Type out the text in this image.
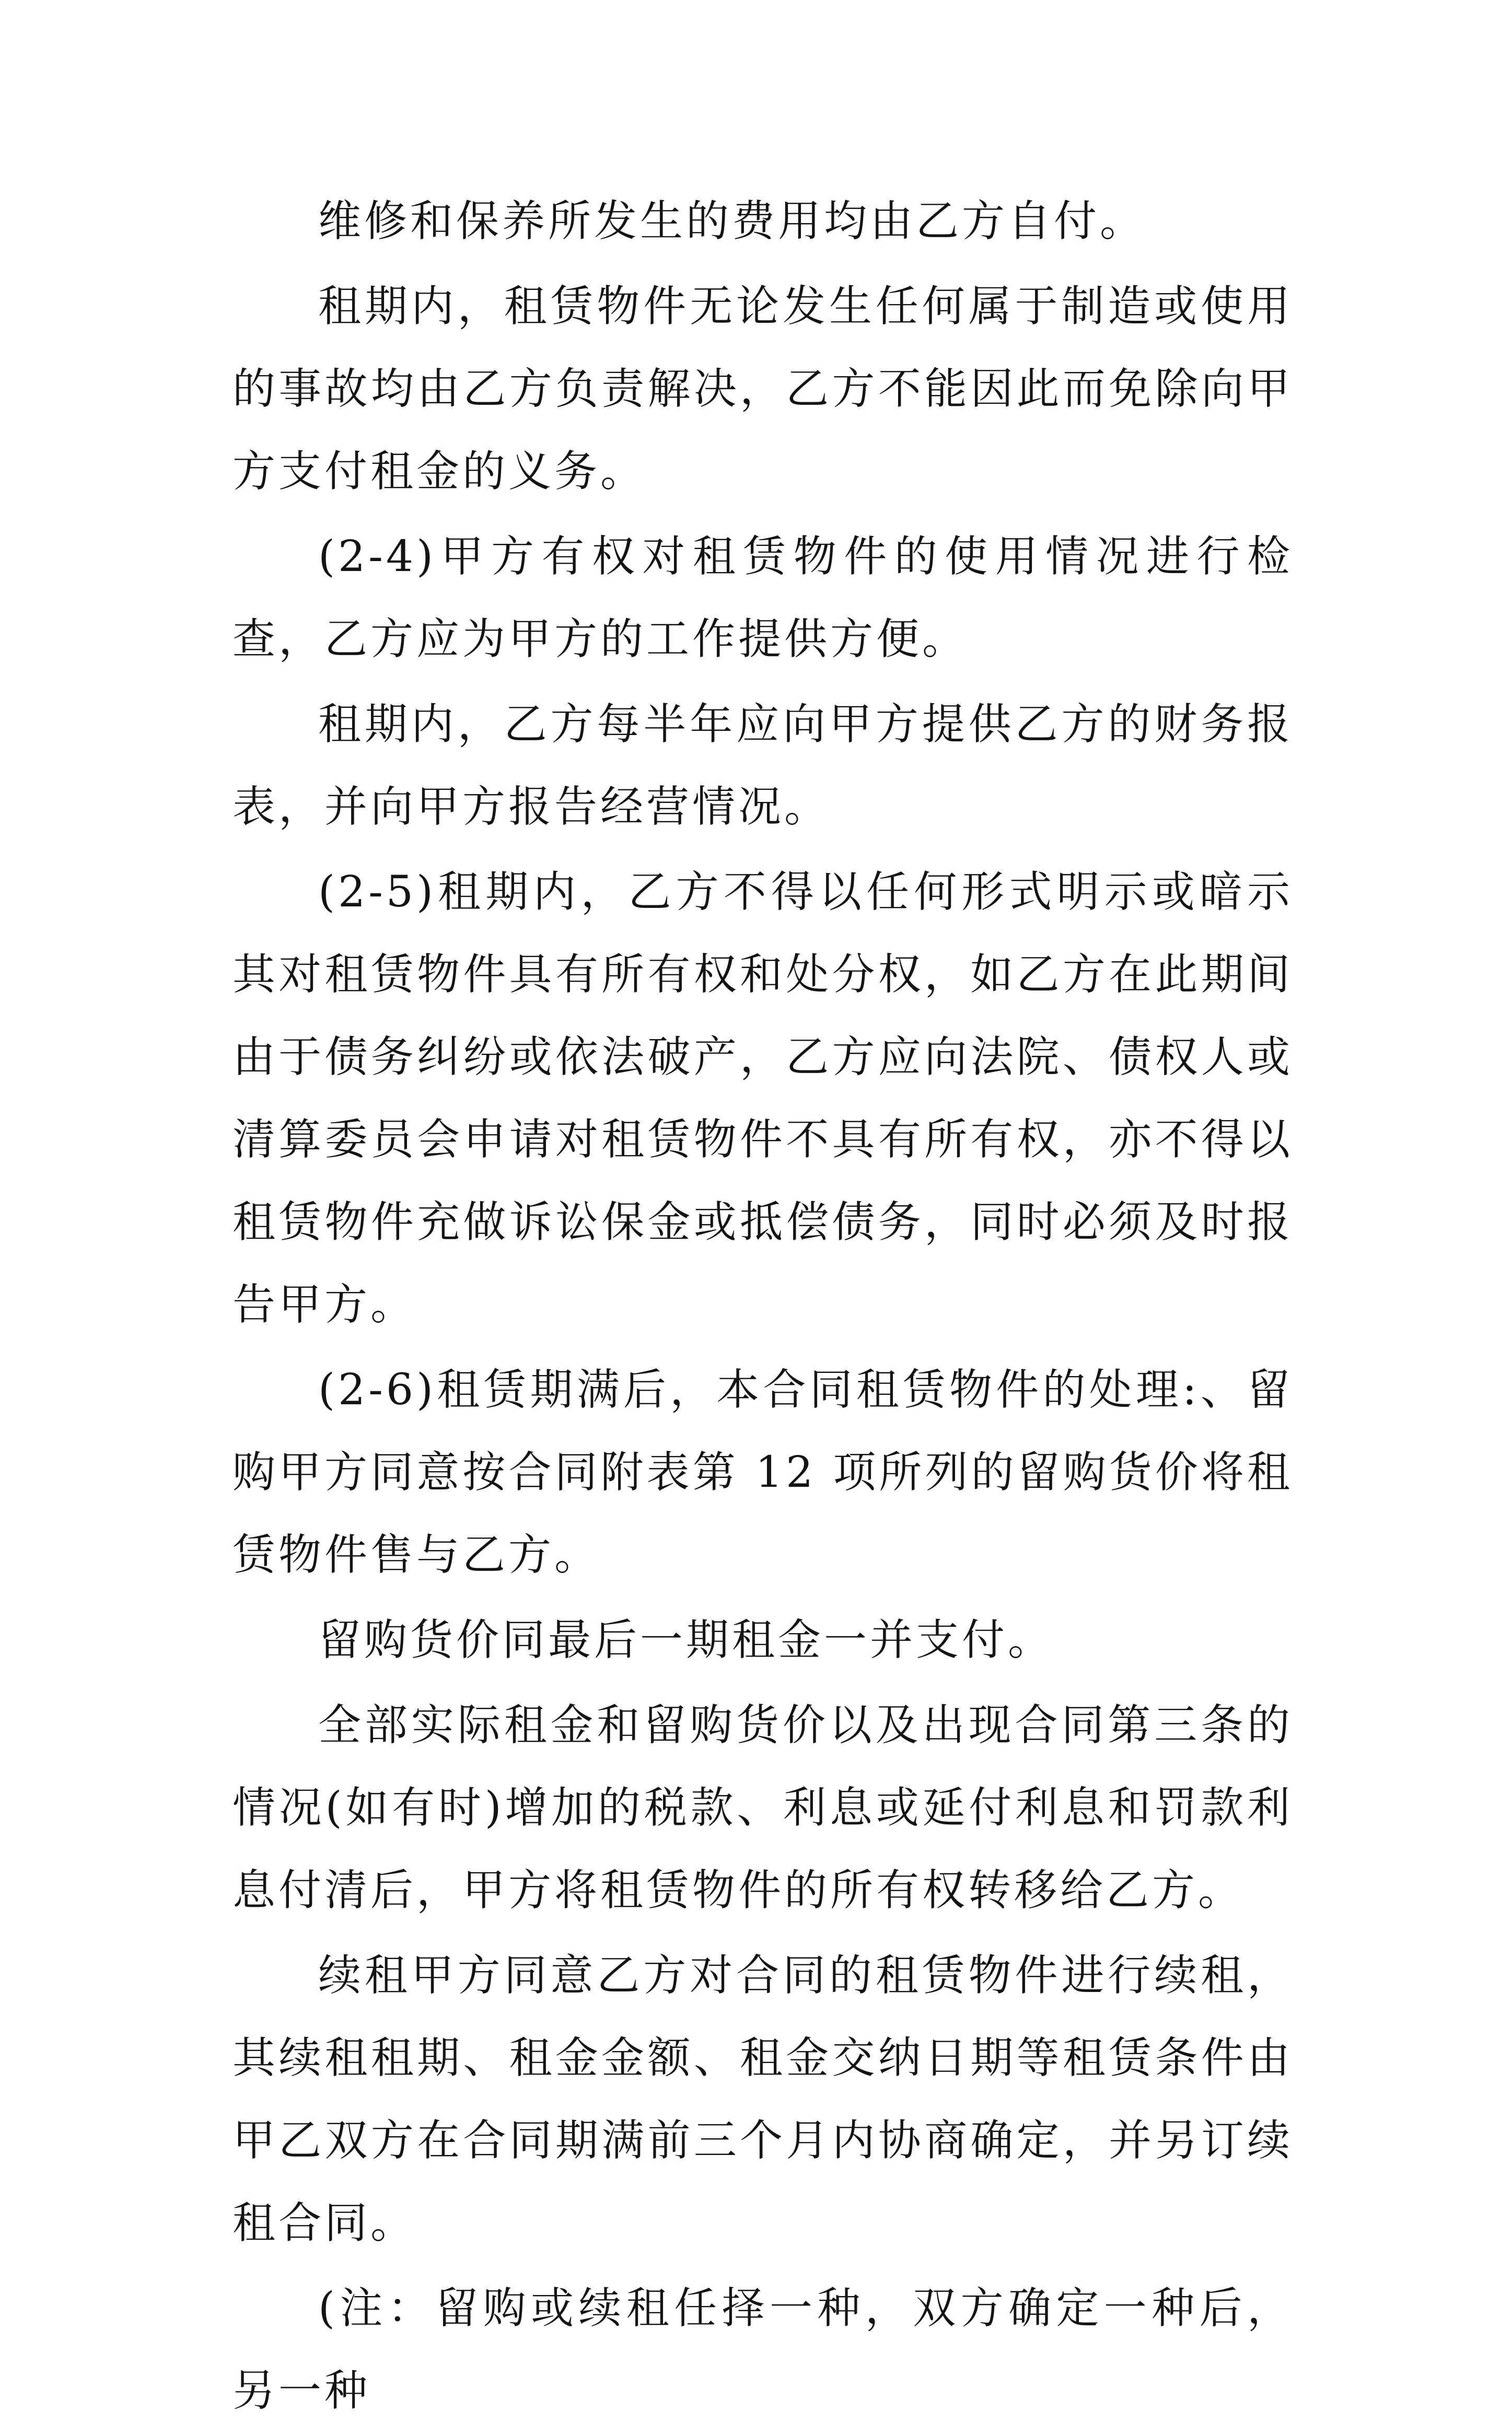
维修和保养所发生的费用均由乙方自付。

租期内，租赁物件无论发生任何属于制造或使用的事故均由乙方负责解决，乙方不能因此而免除向甲方支付租金的义务。

(2-4)甲方有权对租赁物件的使用情况进行检查，乙方应为甲方的工作提供方便。

租期内，乙方每半年应向甲方提供乙方的财务报表，并向甲方报告经营情况。

(2-5)租期内，乙方不得以任何形式明示或暗示其对租赁物件具有所有权和处分权，如乙方在此期间由于债务纠纷或依法破产，乙方应向法院、债权人或清算委员会申请对租赁物件不具有所有权，亦不得以租赁物件充做诉讼保金或抵偿债务，同时必须及时报告甲方。

(2-6)租赁期满后，本合同租赁物件的处理:、留购甲方同意按合同附表第 12 项所列的留购货价将租赁物件售与乙方。

留购货价同最后一期租金一并支付。

全部实际租金和留购货价以及出现合同第三条的情况(如有时)增加的税款、利息或延付利息和罚款利息付清后，甲方将租赁物件的所有权转移给乙方。

续租甲方同意乙方对合同的租赁物件进行续租，其续租租期、租金金额、租金交纳日期等租赁条件由甲乙双方在合同期满前三个月内协商确定，并另订续租合同。

(注：留购或续租任择一种，双方确定一种后，另一种
